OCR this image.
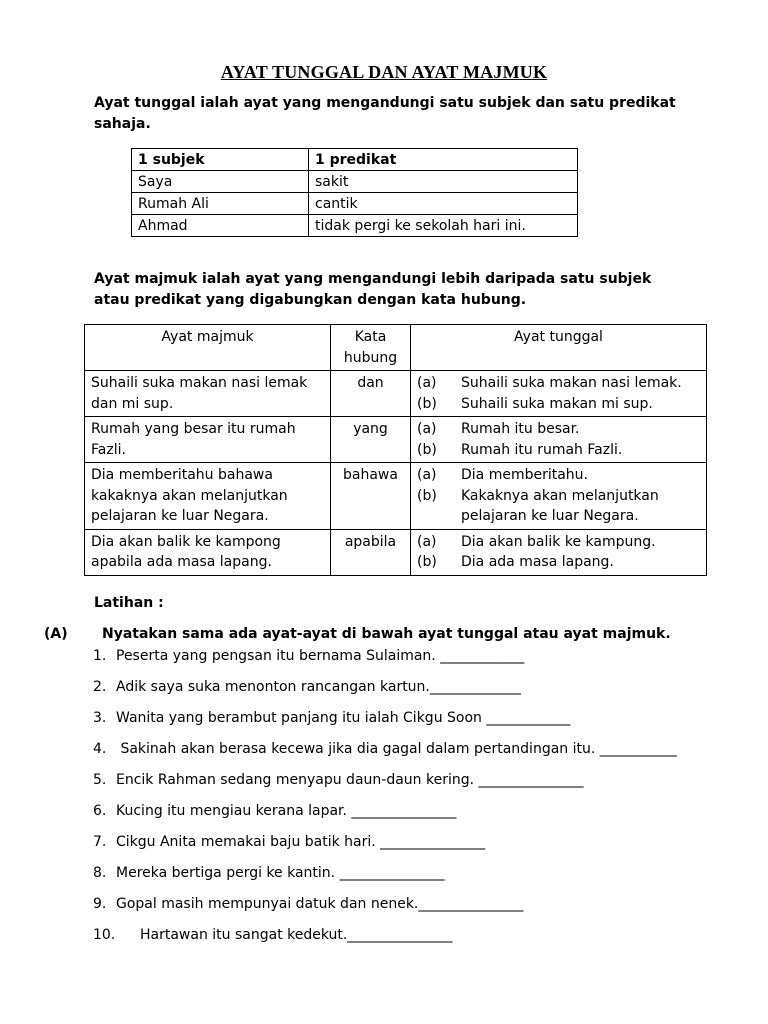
AYAT TUNGGAL DAN AYAT MAJMUK
Ayat tunggal ialah ayat yang mengandungi satu subjek dan satu predikat sahaja.
1 subjek	1 predikat
Saya	sakit
Rumah Ali	cantik
Ahmad	tidak pergi ke sekolah hari ini.
Ayat majmuk ialah ayat yang mengandungi lebih daripada satu subjek atau predikat yang digabungkan dengan kata hubung.
Ayat majmuk	Kata hubung	Ayat tunggal
Suhaili suka makan nasi lemak dan mi sup.	dan	(a) Suhaili suka makan nasi lemak.
(b) Suhaili suka makan mi sup.

Rumah yang besar itu rumah Fazli.	yang	(a) Rumah itu besar.
(b) Rumah itu rumah Fazli.

Dia memberitahu bahawa kakaknya akan melanjutkan pelajaran ke luar Negara.	bahawa	(a) Dia memberitahu.
(b) Kakaknya akan melanjutkan pelajaran ke luar Negara.

Dia akan balik ke kampong apabila ada masa lapang.	apabila	(a) Dia akan balik ke kampung.
(b) Dia ada masa lapang.
Latihan :
(A) Nyatakan sama ada ayat-ayat di bawah ayat tunggal atau ayat majmuk.
1. Peserta yang pengsan itu bernama Sulaiman. ____________
2. Adik saya suka menonton rancangan kartun._____________
3. Wanita yang berambut panjang itu ialah Cikgu Soon ____________
4. Sakinah akan berasa kecewa jika dia gagal dalam pertandingan itu. ___________
5. Encik Rahman sedang menyapu daun-daun kering. _______________
6. Kucing itu mengiau kerana lapar. _______________
7. Cikgu Anita memakai baju batik hari. _______________
8. Mereka bertiga pergi ke kantin. _______________
9. Gopal masih mempunyai datuk dan nenek._______________
10. Hartawan itu sangat kedekut._______________
